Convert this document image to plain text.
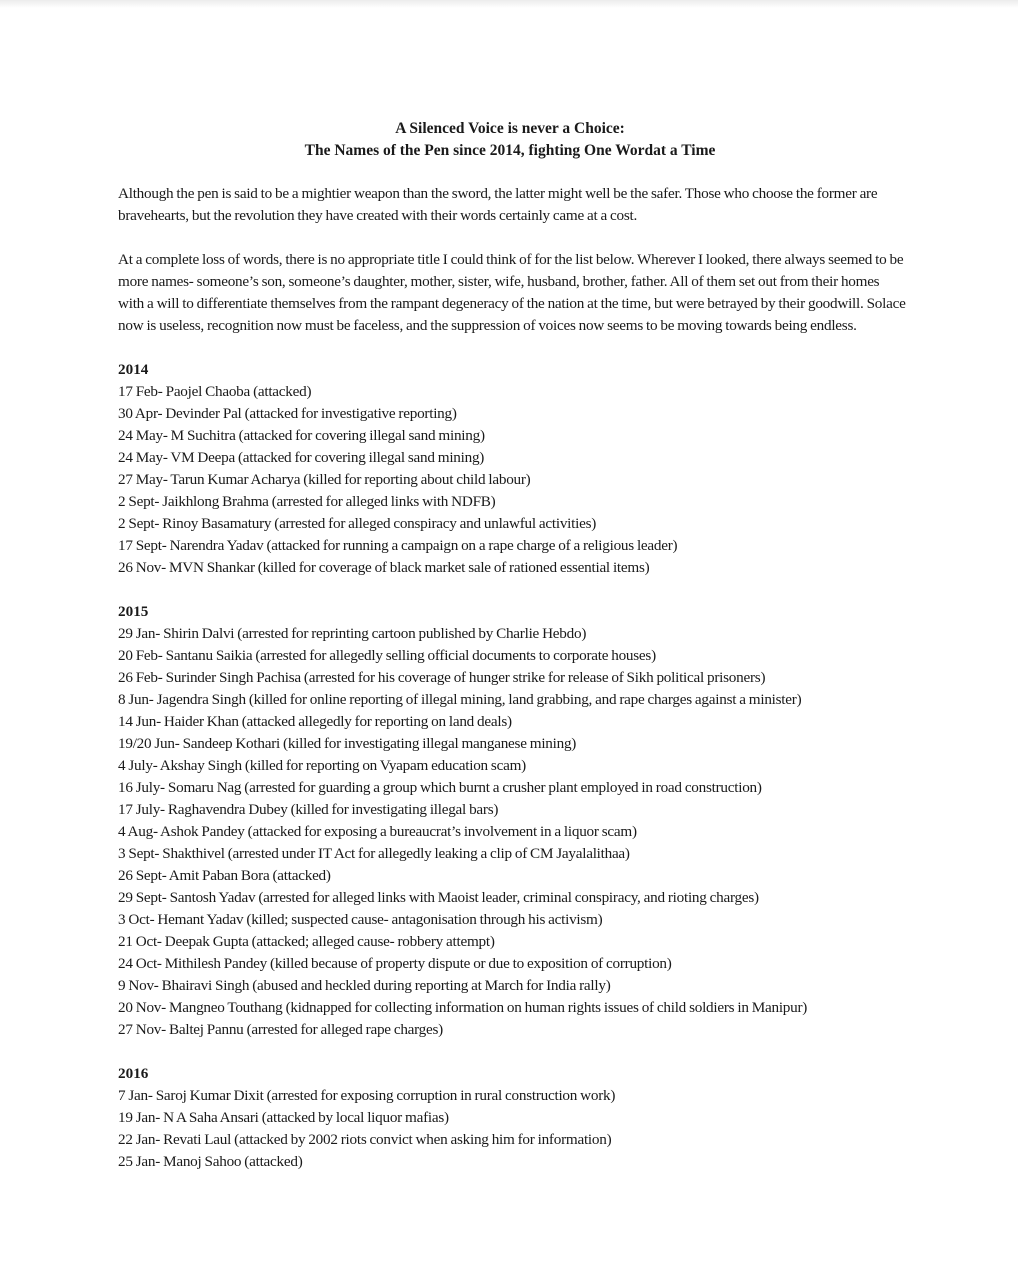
A Silenced Voice is never a Choice:
The Names of the Pen since 2014, fighting One Wordat a Time

Although the pen is said to be a mightier weapon than the sword, the latter might well be the safer. Those who choose the former are bravehearts, but the revolution they have created with their words certainly came at a cost.

At a complete loss of words, there is no appropriate title I could think of for the list below. Wherever I looked, there always seemed to be more names- someone’s son, someone’s daughter, mother, sister, wife, husband, brother, father. All of them set out from their homes with a will to differentiate themselves from the rampant degeneracy of the nation at the time, but were betrayed by their goodwill. Solace now is useless, recognition now must be faceless, and the suppression of voices now seems to be moving towards being endless.

2014
17 Feb- Paojel Chaoba (attacked)
30 Apr- Devinder Pal (attacked for investigative reporting)
24 May- M Suchitra (attacked for covering illegal sand mining)
24 May- VM Deepa (attacked for covering illegal sand mining)
27 May- Tarun Kumar Acharya (killed for reporting about child labour)
2 Sept- Jaikhlong Brahma (arrested for alleged links with NDFB)
2 Sept- Rinoy Basamatury (arrested for alleged conspiracy and unlawful activities)
17 Sept- Narendra Yadav (attacked for running a campaign on a rape charge of a religious leader)
26 Nov- MVN Shankar (killed for coverage of black market sale of rationed essential items)
2015
29 Jan- Shirin Dalvi (arrested for reprinting cartoon published by Charlie Hebdo)
20 Feb- Santanu Saikia (arrested for allegedly selling official documents to corporate houses)
26 Feb- Surinder Singh Pachisa (arrested for his coverage of hunger strike for release of Sikh political prisoners)
8 Jun- Jagendra Singh (killed for online reporting of illegal mining, land grabbing, and rape charges against a minister)
14 Jun- Haider Khan (attacked allegedly for reporting on land deals)
19/20 Jun- Sandeep Kothari (killed for investigating illegal manganese mining)
4 July- Akshay Singh (killed for reporting on Vyapam education scam)
16 July- Somaru Nag (arrested for guarding a group which burnt a crusher plant employed in road construction)
17 July- Raghavendra Dubey (killed for investigating illegal bars)
4 Aug- Ashok Pandey (attacked for exposing a bureaucrat’s involvement in a liquor scam)
3 Sept- Shakthivel (arrested under IT Act for allegedly leaking a clip of CM Jayalalithaa)
26 Sept- Amit Paban Bora (attacked)
29 Sept- Santosh Yadav (arrested for alleged links with Maoist leader, criminal conspiracy, and rioting charges)
3 Oct- Hemant Yadav (killed; suspected cause- antagonisation through his activism)
21 Oct- Deepak Gupta (attacked; alleged cause- robbery attempt)
24 Oct- Mithilesh Pandey (killed because of property dispute or due to exposition of corruption)
9 Nov- Bhairavi Singh (abused and heckled during reporting at March for India rally)
20 Nov- Mangneo Touthang (kidnapped for collecting information on human rights issues of child soldiers in Manipur)
27 Nov- Baltej Pannu (arrested for alleged rape charges)
2016
7 Jan- Saroj Kumar Dixit (arrested for exposing corruption in rural construction work)
19 Jan- N A Saha Ansari (attacked by local liquor mafias)
22 Jan- Revati Laul (attacked by 2002 riots convict when asking him for information)
25 Jan- Manoj Sahoo (attacked)
